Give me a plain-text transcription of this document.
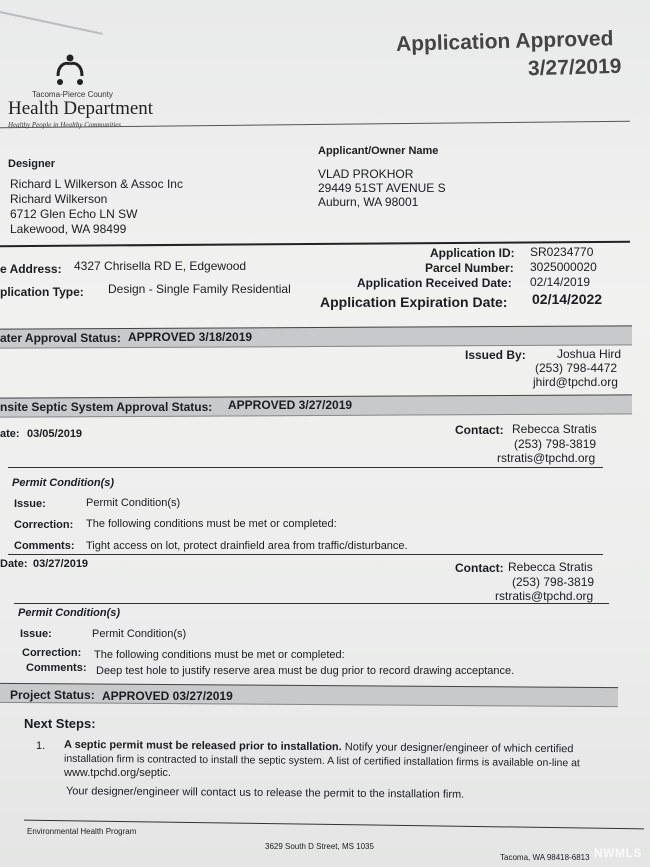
Application Approved
3/27/2019
Tacoma-Pierce County
Health Department
Healthy People in Healthy Communities
Designer
Richard L Wilkerson & Assoc Inc
Richard Wilkerson
6712 Glen Echo LN SW
Lakewood, WA 98499
Applicant/Owner Name
VLAD PROKHOR
29449 51ST AVENUE S
Auburn, WA 98001
e Address: 4327 Chrisella RD E, Edgewood
plication Type: Design - Single Family Residential
Application ID: SR0234770
Parcel Number: 3025000020
Application Received Date: 02/14/2019
Application Expiration Date: 02/14/2022
ater Approval Status: APPROVED 3/18/2019
Issued By:	Joshua Hird
(253) 798-4472
jhird@tpchd.org
nsite Septic System Approval Status: APPROVED 3/27/2019
ate: 03/05/2019	Contact: Rebecca Stratis
(253) 798-3819
rstratis@tpchd.org
Permit Condition(s)
Issue:	Permit Condition(s)
Correction: The following conditions must be met or completed:
Comments: Tight access on lot, protect drainfield area from traffic/disturbance.
Date: 03/27/2019	Contact: Rebecca Stratis
(253) 798-3819
rstratis@tpchd.org
Permit Condition(s)
Issue:	Permit Condition(s)
Correction: The following conditions must be met or completed:
Comments: Deep test hole to justify reserve area must be dug prior to record drawing acceptance.
Project Status: APPROVED 03/27/2019
Next Steps:
1. A septic permit must be released prior to installation. Notify your designer/engineer of which certified
installation firm is contracted to install the septic system. A list of certified installation firms is available on-line at
www.tpchd.org/septic.
Your designer/engineer will contact us to release the permit to the installation firm.
Environmental Health Program
3629 South D Street, MS 1035
Tacoma, WA 98418-6813 NWMLS
